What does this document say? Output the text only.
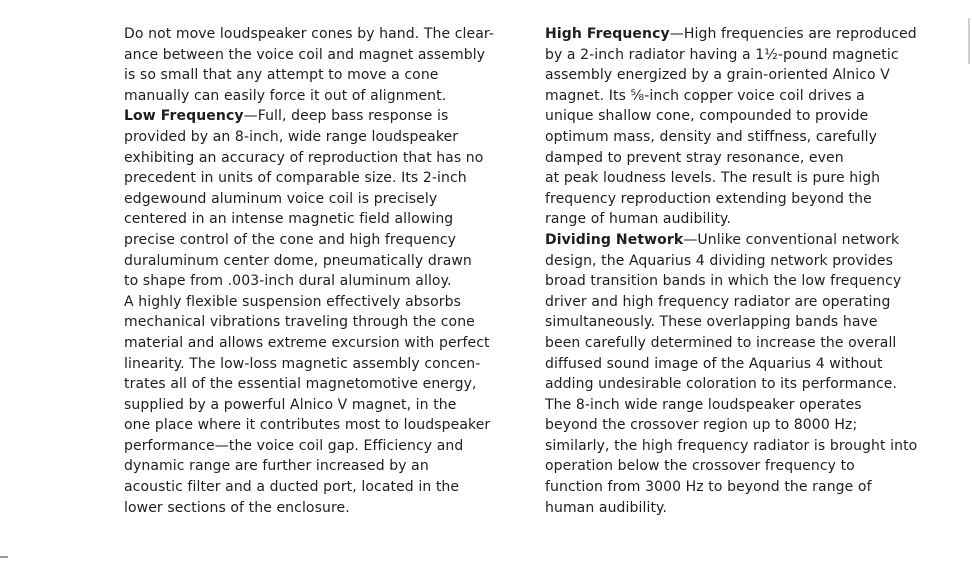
Do not move loudspeaker cones by hand. The clear-
ance between the voice coil and magnet assembly
is so small that any attempt to move a cone
manually can easily force it out of alignment.
Low Frequency—Full, deep bass response is
provided by an 8-inch, wide range loudspeaker
exhibiting an accuracy of reproduction that has no
precedent in units of comparable size. Its 2-inch
edgewound aluminum voice coil is precisely
centered in an intense magnetic field allowing
precise control of the cone and high frequency
duraluminum center dome, pneumatically drawn
to shape from .003-inch dural aluminum alloy.
A highly flexible suspension effectively absorbs
mechanical vibrations traveling through the cone
material and allows extreme excursion with perfect
linearity. The low-loss magnetic assembly concen-
trates all of the essential magnetomotive energy,
supplied by a powerful Alnico V magnet, in the
one place where it contributes most to loudspeaker
performance—the voice coil gap. Efficiency and
dynamic range are further increased by an
acoustic filter and a ducted port, located in the
lower sections of the enclosure.
High Frequency—High frequencies are reproduced
by a 2-inch radiator having a 1½-pound magnetic
assembly energized by a grain-oriented Alnico V
magnet. Its ⅝-inch copper voice coil drives a
unique shallow cone, compounded to provide
optimum mass, density and stiffness, carefully
damped to prevent stray resonance, even
at peak loudness levels. The result is pure high
frequency reproduction extending beyond the
range of human audibility.
Dividing Network—Unlike conventional network
design, the Aquarius 4 dividing network provides
broad transition bands in which the low frequency
driver and high frequency radiator are operating
simultaneously. These overlapping bands have
been carefully determined to increase the overall
diffused sound image of the Aquarius 4 without
adding undesirable coloration to its performance.
The 8-inch wide range loudspeaker operates
beyond the crossover region up to 8000 Hz;
similarly, the high frequency radiator is brought into
operation below the crossover frequency to
function from 3000 Hz to beyond the range of
human audibility.
